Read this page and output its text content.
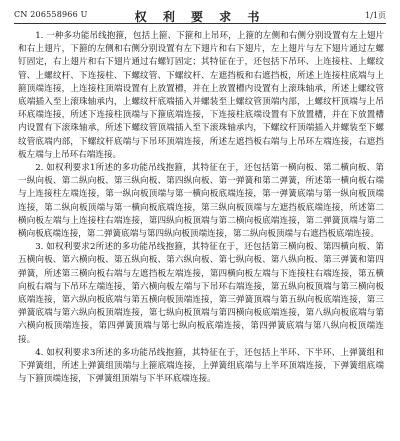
CN 206558966 U	权 利 要 求 书	1/1页

1. 一种多功能吊线抱箍，包括上箍、下箍和上吊环，上箍的左侧和右侧分别设置有左上翅片和右上翅片，下箍的左侧和右侧分别设置有左下翅片和右下翅片，左上翅片与左下翅片通过左螺钉固定，右上翅片和右下翅片通过右螺钉固定；其特征在于，还包括下吊环、上连接柱、上螺纹管、上螺纹杆、下连接柱、下螺纹管、下螺纹杆、左遮挡板和右遮挡板，所述上连接柱底端与上箍顶端连接，上连接柱顶端设置有上放置槽，并在上放置槽内设置有上滚珠轴承，所述上螺纹管底端插入至上滚珠轴承内，上螺纹杆底端插入并螺装至上螺纹管顶端内部，上螺纹杆顶端与上吊环底端连接，所述下连接柱顶端与下箍底端连接，下连接柱底端设置有下放置槽，并在下放置槽内设置有下滚珠轴承，所述下螺纹管顶端插入至下滚珠轴承内，下螺纹杆顶端插入并螺装至下螺纹管底端内部，下螺纹杆底端与下吊环顶端连接，所述左遮挡板右端与上吊环左端连接，右遮挡板左端与上吊环右端连接。

2. 如权利要求1所述的多功能吊线抱箍，其特征在于，还包括第一横向板、第二横向板、第一纵向板、第二纵向板、第三纵向板、第四纵向板、第一弹簧和第二弹簧，所述第一横向板右端与上连接柱左端连接，第一纵向板顶端与第一横向板底端连接，第一弹簧底端与第一纵向板顶端连接，第二纵向板顶端与第一横向板底端连接，第三纵向板顶端与左遮挡板底端连接，所述第二横向板左端与上连接柱右端连接，第四纵向板顶端与第二横向板底端连接，第二弹簧顶端与第二横向板底端连接，第二弹簧底端与第四纵向板顶端连接，第二纵向板顶端与右遮挡板底端连接。

3. 如权利要求2所述的多功能吊线抱箍，其特征在于，还包括第三横向板、第四横向板、第五横向板、第六横向板、第五纵向板、第六纵向板、第七纵向板、第八纵向板、第三弹簧和第四弹簧，所述第三横向板右端与左遮挡板左端连接，第四横向板左端与下连接柱右端连接，第五横向板右端与下吊环左端连接，第六横向板左端与下吊环右端连接，第五纵向板顶端与第三横向板底端连接，第六纵向板底端与第五横向板顶端连接，第三弹簧顶端与第五纵向板底端连接，第三弹簧底端与第六纵向板顶端连接，第七纵向板顶端与第四横向板底端连接，第八纵向板底端与第六横向板顶端连接，第四弹簧顶端与第七纵向板底端连接，第四弹簧底端与第八纵向板顶端连接。

4. 如权利要求3所述的多功能吊线抱箍，其特征在于，还包括上半环、下半环、上弹簧组和下弹簧组，所述上弹簧组顶端与上箍底端连接，上弹簧组底端与上半环顶端连接，下弹簧组底端与下箍顶端连接，下弹簧组顶端与下半环底端连接。
